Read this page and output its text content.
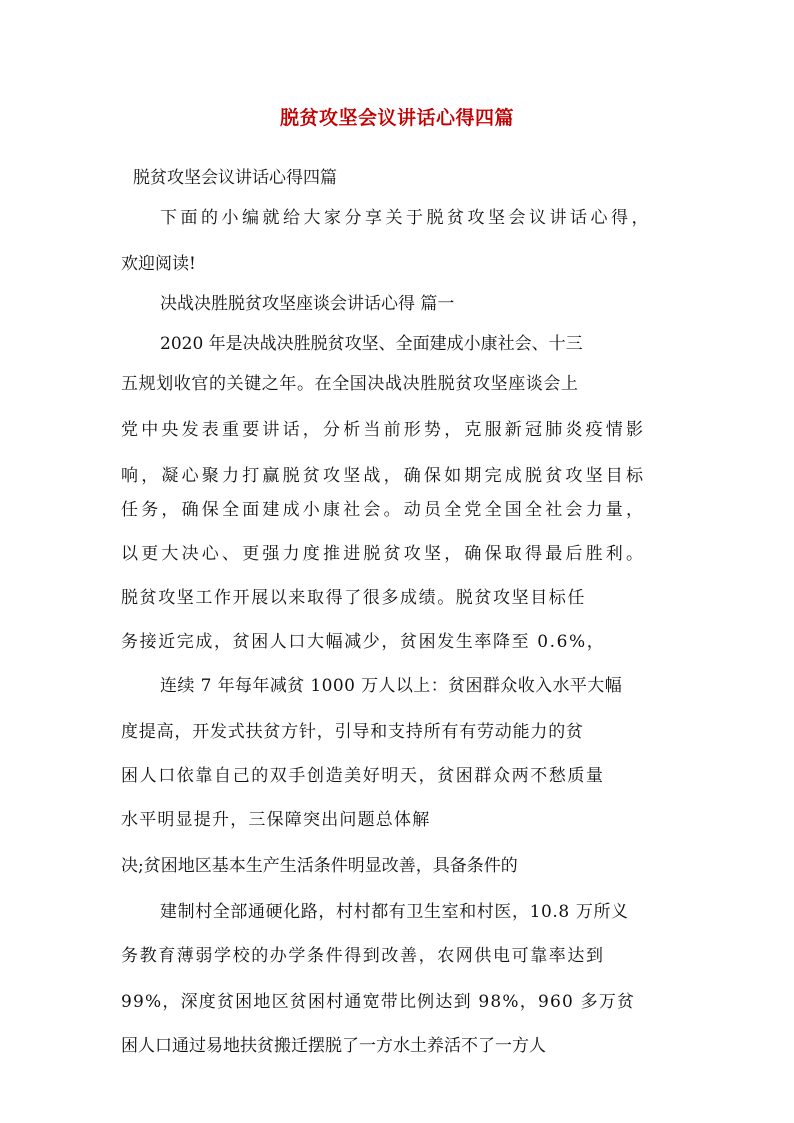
脱贫攻坚会议讲话心得四篇
脱贫攻坚会议讲话心得四篇
下面的小编就给大家分享关于脱贫攻坚会议讲话心得，
欢迎阅读!
决战决胜脱贫攻坚座谈会讲话心得 篇一
2020 年是决战决胜脱贫攻坚、全面建成小康社会、十三
五规划收官的关键之年。在全国决战决胜脱贫攻坚座谈会上
党中央发表重要讲话，分析当前形势，克服新冠肺炎疫情影
响，凝心聚力打赢脱贫攻坚战，确保如期完成脱贫攻坚目标
任务，确保全面建成小康社会。动员全党全国全社会力量，
以更大决心、更强力度推进脱贫攻坚，确保取得最后胜利。
脱贫攻坚工作开展以来取得了很多成绩。脱贫攻坚目标任
务接近完成，贫困人口大幅减少，贫困发生率降至 0.6%，
连续 7 年每年减贫 1000 万人以上：贫困群众收入水平大幅
度提高，开发式扶贫方针，引导和支持所有有劳动能力的贫
困人口依靠自己的双手创造美好明天，贫困群众两不愁质量
水平明显提升，三保障突出问题总体解
决;贫困地区基本生产生活条件明显改善，具备条件的
建制村全部通硬化路，村村都有卫生室和村医，10.8 万所义
务教育薄弱学校的办学条件得到改善，农网供电可靠率达到
99%，深度贫困地区贫困村通宽带比例达到 98%，960 多万贫
困人口通过易地扶贫搬迁摆脱了一方水土养活不了一方人
